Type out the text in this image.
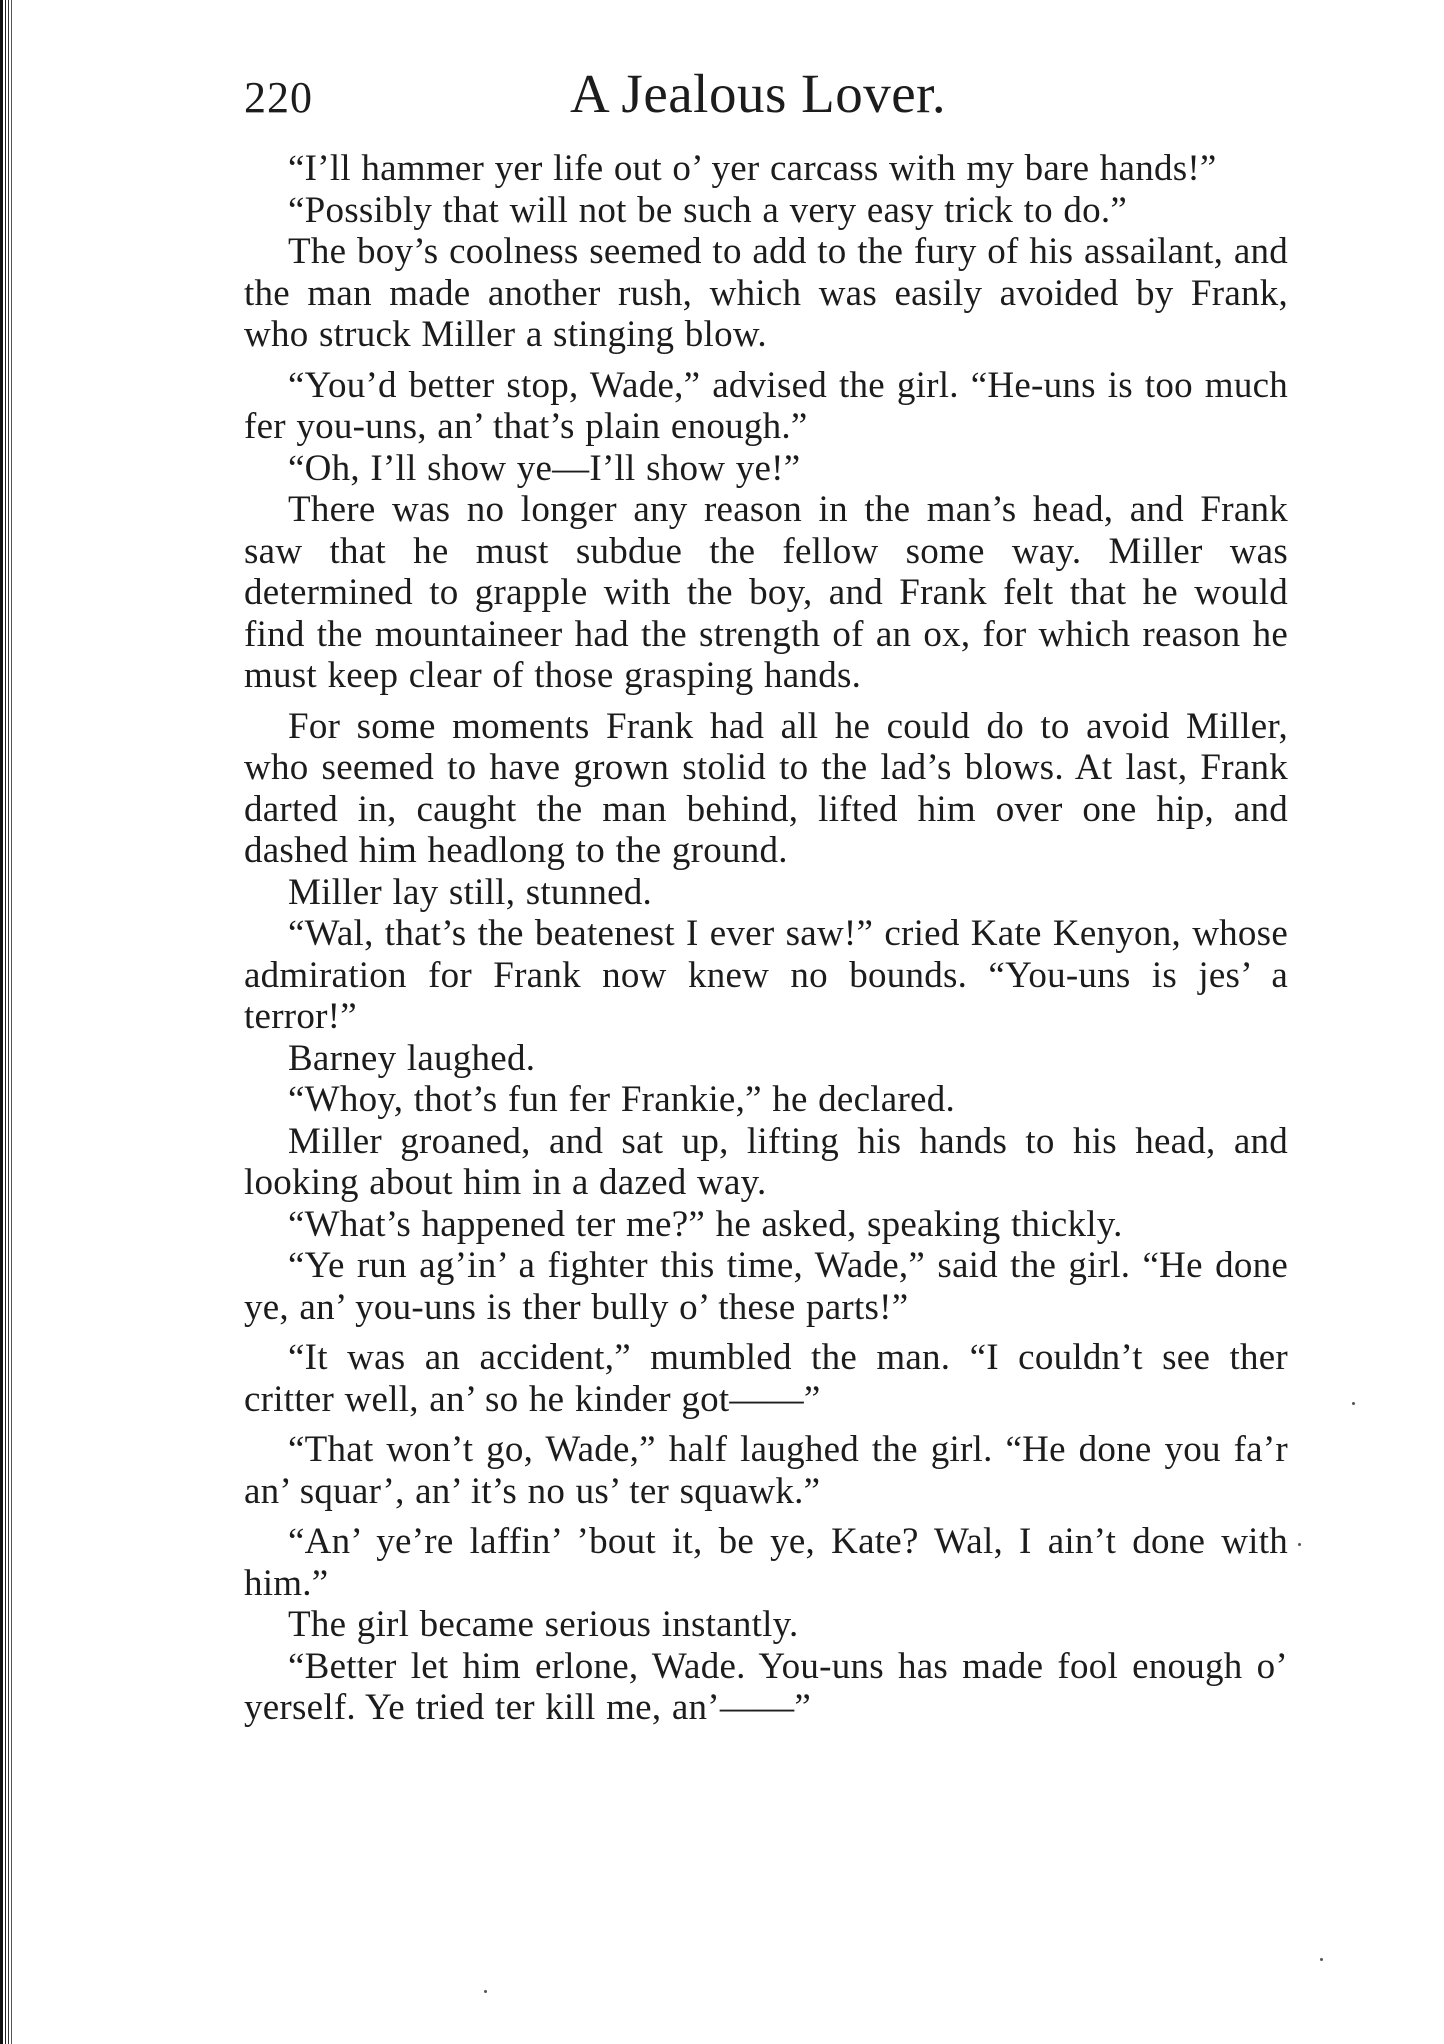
220	A Jealous Lover.

“I’ll hammer yer life out o’ yer carcass with my bare hands!”

“Possibly that will not be such a very easy trick to do.”

The boy’s coolness seemed to add to the fury of his assailant, and the man made another rush, which was easily avoided by Frank, who struck Miller a stinging blow.

“You’d better stop, Wade,” advised the girl. “He-uns is too much fer you-uns, an’ that’s plain enough.”

“Oh, I’ll show ye—I’ll show ye!”

There was no longer any reason in the man’s head, and Frank saw that he must subdue the fellow some way. Miller was determined to grapple with the boy, and Frank felt that he would find the mountaineer had the strength of an ox, for which reason he must keep clear of those grasping hands.

For some moments Frank had all he could do to avoid Miller, who seemed to have grown stolid to the lad’s blows. At last, Frank darted in, caught the man behind, lifted him over one hip, and dashed him headlong to the ground.

Miller lay still, stunned.

“Wal, that’s the beatenest I ever saw!” cried Kate Kenyon, whose admiration for Frank now knew no bounds. “You-uns is jes’ a terror!”

Barney laughed.

“Whoy, thot’s fun fer Frankie,” he declared.

Miller groaned, and sat up, lifting his hands to his head, and looking about him in a dazed way.

“What’s happened ter me?” he asked, speaking thickly.

“Ye run ag’in’ a fighter this time, Wade,” said the girl. “He done ye, an’ you-uns is ther bully o’ these parts!”

“It was an accident,” mumbled the man. “I couldn’t see ther critter well, an’ so he kinder got——”

“That won’t go, Wade,” half laughed the girl. “He done you fa’r an’ squar’, an’ it’s no us’ ter squawk.”

“An’ ye’re laffin’ ’bout it, be ye, Kate? Wal, I ain’t done with him.”

The girl became serious instantly.

“Better let him erlone, Wade. You-uns has made fool enough o’ yerself. Ye tried ter kill me, an’——”
